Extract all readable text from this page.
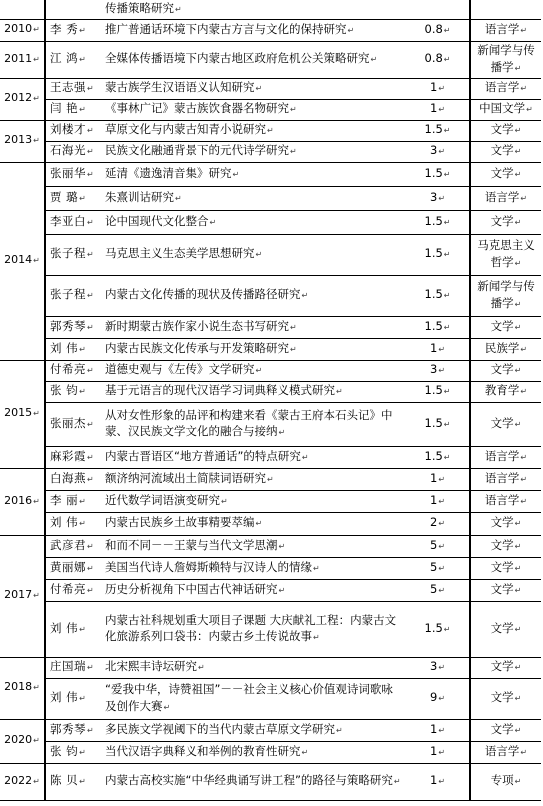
		传播策略研究↵		
2010↵	李 秀↵	推广普通话环境下内蒙古方言与文化的保持研究↵	0.8↵	语言学↵
2011↵	江 鸿↵	全媒体传播语境下内蒙古地区政府危机公关策略研究↵	0.8↵	新闻学与传播学↵
2012↵	王志强↵	蒙古族学生汉语语义认知研究↵	1↵	语言学↵
	闫 艳↵	《事林广记》蒙古族饮食器名物研究↵	1↵	中国文学↵
2013↵	刘楼才↵	草原文化与内蒙古知青小说研究↵	1.5↵	文学↵
	石海光↵	民族文化融通背景下的元代诗学研究↵	3↵	文学↵
2014↵	张丽华↵	延清《遗逸清音集》研究↵	1.5↵	文学↵
	贾 璐↵	朱熹训诂研究↵	3↵	语言学↵
	李亚白↵	论中国现代文化整合↵	1.5↵	文学↵
	张子程↵	马克思主义生态美学思想研究↵	1.5↵	马克思主义哲学↵
	张子程↵	内蒙古文化传播的现状及传播路径研究↵	1.5↵	新闻学与传播学↵
	郭秀琴↵	新时期蒙古族作家小说生态书写研究↵	1.5↵	文学↵
	刘 伟↵	内蒙古民族文化传承与开发策略研究↵	1↵	民族学↵
2015↵	付希亮↵	道德史观与《左传》文学研究↵	3↵	文学↵
	张 钧↵	基于元语言的现代汉语学习词典释义模式研究↵	1.5↵	教育学↵
	张丽杰↵	从对女性形象的品评和构建来看《蒙古王府本石头记》中蒙、汉民族文学文化的融合与接纳↵	1.5↵	文学↵
	麻彩霞↵	内蒙古晋语区“地方普通话”的特点研究↵	1.5↵	语言学↵
2016↵	白海燕↵	额济纳河流域出土简牍词语研究↵	1↵	语言学↵
	李 丽↵	近代数学词语演变研究↵	1↵	语言学↵
	刘 伟↵	内蒙古民族乡土故事精要萃编↵	2↵	文学↵
2017↵	武彦君↵	和而不同－－王蒙与当代文学思潮↵	5↵	文学↵
	黄丽娜↵	美国当代诗人詹姆斯赖特与汉诗人的情缘↵	5↵	文学↵
	付希亮↵	历史分析视角下中国古代神话研究↵	5↵	文学↵
	刘 伟↵	内蒙古社科规划重大项目子课题 大庆献礼工程：内蒙古文化旅游系列口袋书：内蒙古乡土传说故事↵	1.5↵	文学↵
2018↵	庄国瑞↵	北宋熙丰诗坛研究↵	3↵	文学↵
	刘 伟↵	“爱我中华，诗赞祖国”－－社会主义核心价值观诗词歌咏及创作大赛↵	9↵	文学↵
2020↵	郭秀琴↵	多民族文学视阈下的当代内蒙古草原文学研究↵	1↵	文学↵
	张 钧↵	当代汉语字典释义和举例的教育性研究↵	1↵	语言学↵
2022↵	陈 贝↵	内蒙古高校实施“中华经典诵写讲工程”的路径与策略研究↵	1↵	专项↵
